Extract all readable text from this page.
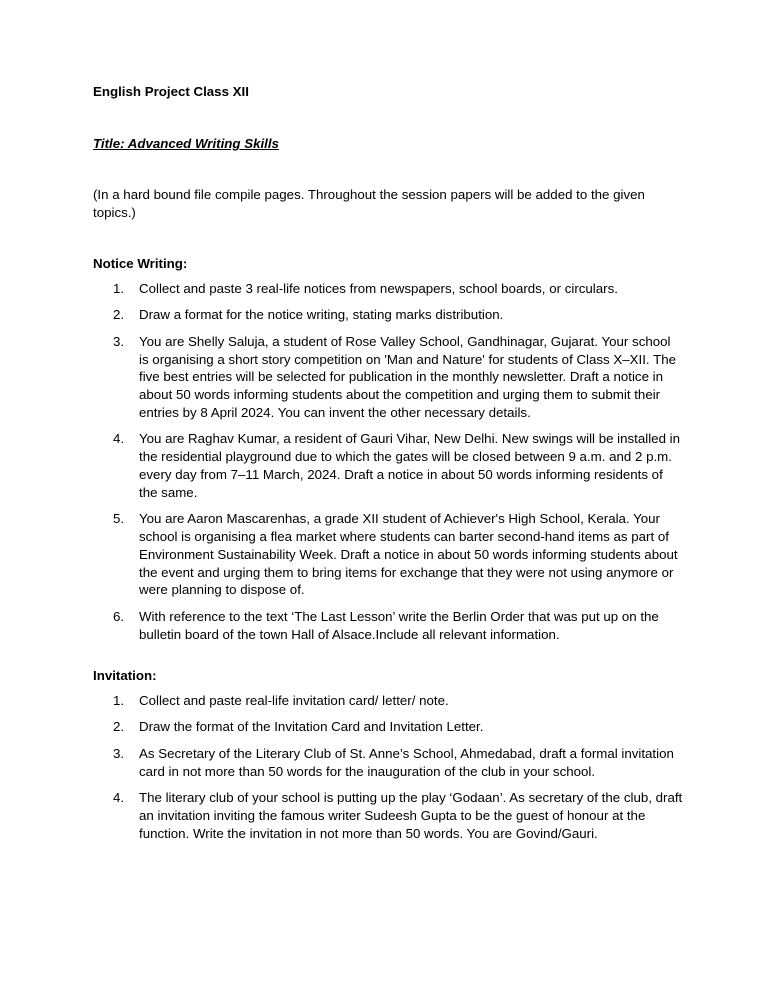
English Project Class XII

Title: Advanced Writing Skills

(In a hard bound file compile pages. Throughout the session papers will be added to the given topics.)

Notice Writing:

1. Collect and paste 3 real-life notices from newspapers, school boards, or circulars.
2. Draw a format for the notice writing, stating marks distribution.
3. You are Shelly Saluja, a student of Rose Valley School, Gandhinagar, Gujarat. Your school is organising a short story competition on 'Man and Nature' for students of Class X–XII. The five best entries will be selected for publication in the monthly newsletter. Draft a notice in about 50 words informing students about the competition and urging them to submit their entries by 8 April 2024. You can invent the other necessary details.
4. You are Raghav Kumar, a resident of Gauri Vihar, New Delhi. New swings will be installed in the residential playground due to which the gates will be closed between 9 a.m. and 2 p.m. every day from 7–11 March, 2024. Draft a notice in about 50 words informing residents of the same.
5. You are Aaron Mascarenhas, a grade XII student of Achiever's High School, Kerala. Your school is organising a flea market where students can barter second-hand items as part of Environment Sustainability Week. Draft a notice in about 50 words informing students about the event and urging them to bring items for exchange that they were not using anymore or were planning to dispose of.
6. With reference to the text ‘The Last Lesson’ write the Berlin Order that was put up on the bulletin board of the town Hall of Alsace.Include all relevant information.

Invitation:

1. Collect and paste real-life invitation card/ letter/ note.
2. Draw the format of the Invitation Card and Invitation Letter.
3. As Secretary of the Literary Club of St. Anne’s School, Ahmedabad, draft a formal invitation card in not more than 50 words for the inauguration of the club in your school.
4. The literary club of your school is putting up the play ‘Godaan’. As secretary of the club, draft an invitation inviting the famous writer Sudeesh Gupta to be the guest of honour at the function. Write the invitation in not more than 50 words. You are Govind/Gauri.
